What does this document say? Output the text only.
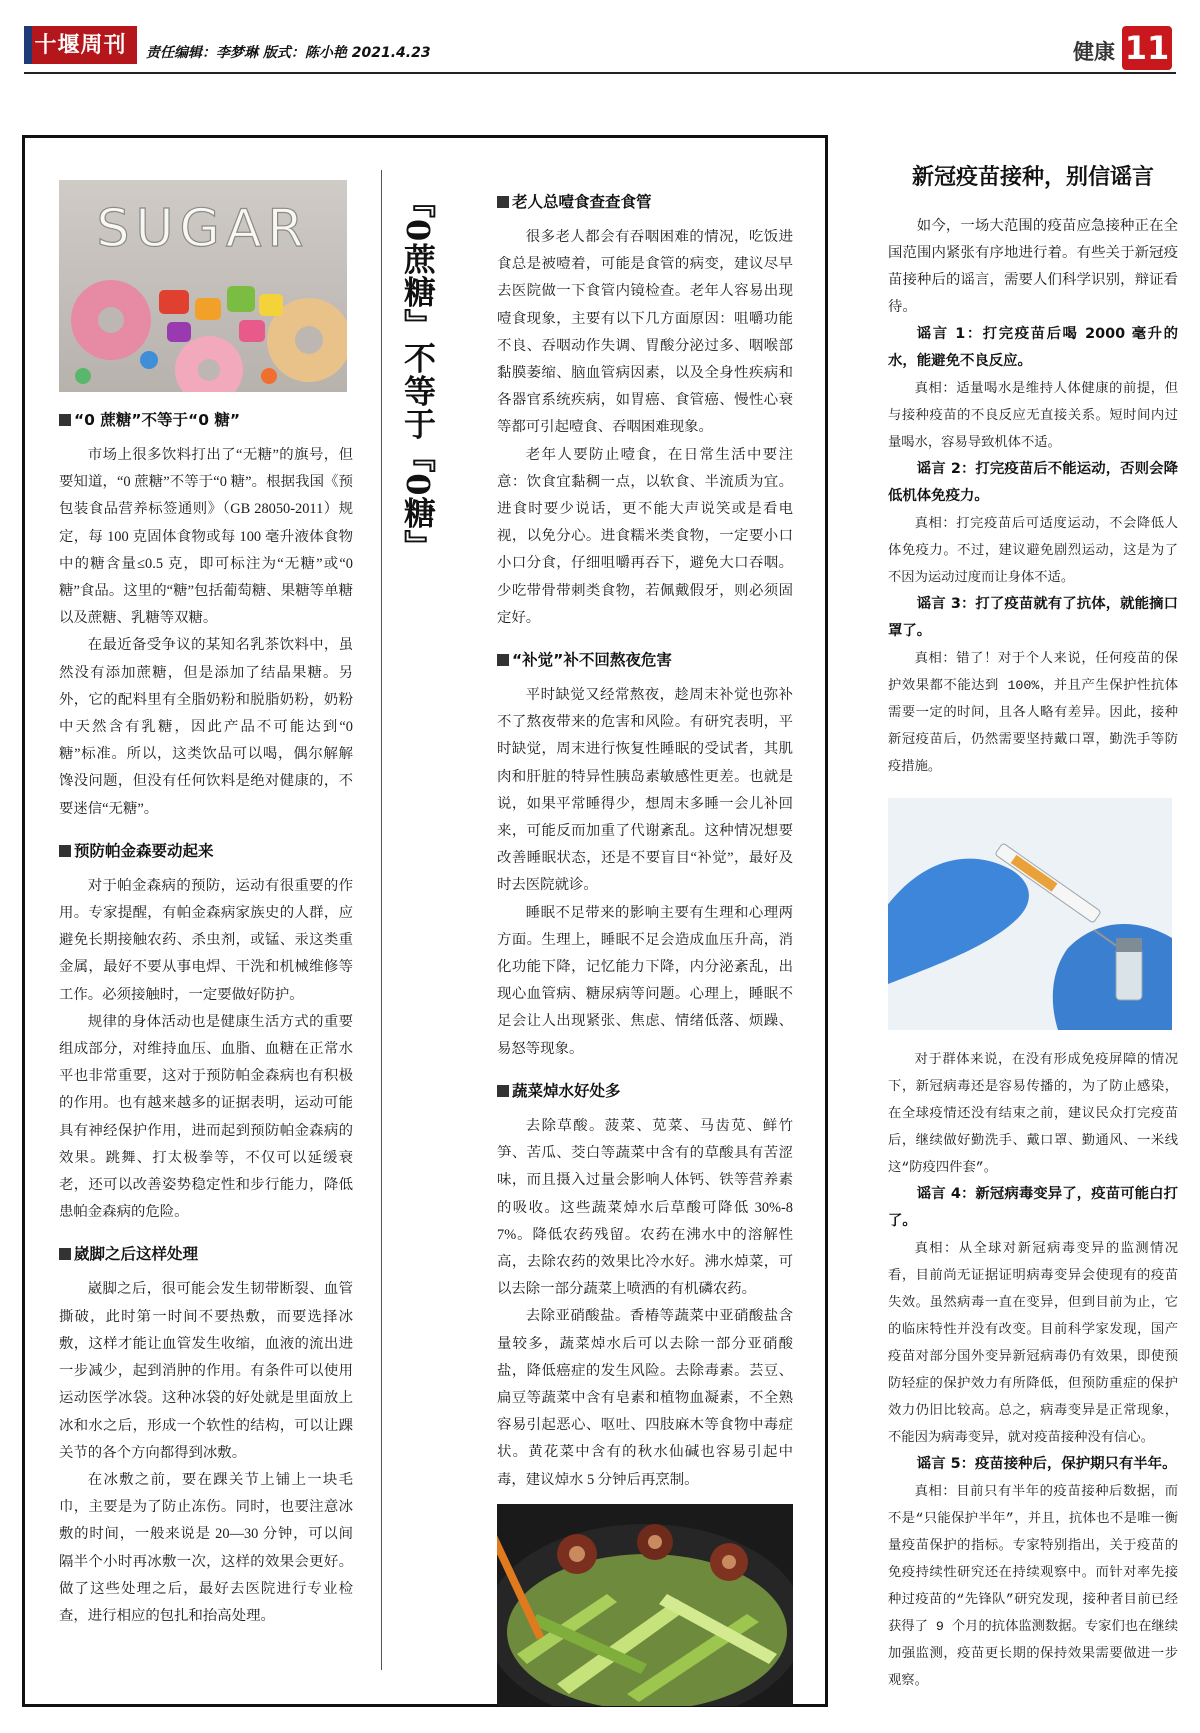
十堰周刊	责任编辑：李梦琳 版式：陈小艳 2021.4.23	健康 11
『0蔗糖』不等于『0糖』
SUGAR
“0 蔗糖”不等于“0 糖”

市场上很多饮料打出了“无糖”的旗号，但要知道，“0 蔗糖”不等于“0 糖”。根据我国《预包装食品营养标签通则》（GB 28050-2011）规定，每 100 克固体食物或每 100 毫升液体食物中的糖含量≤0.5 克，即可标注为“无糖”或“0 糖”食品。这里的“糖”包括葡萄糖、果糖等单糖以及蔗糖、乳糖等双糖。

在最近备受争议的某知名乳茶饮料中，虽然没有添加蔗糖，但是添加了结晶果糖。另外，它的配料里有全脂奶粉和脱脂奶粉，奶粉中天然含有乳糖，因此产品不可能达到“0 糖”标准。所以，这类饮品可以喝，偶尔解解馋没问题，但没有任何饮料是绝对健康的，不要迷信“无糖”。

预防帕金森要动起来

对于帕金森病的预防，运动有很重要的作用。专家提醒，有帕金森病家族史的人群，应避免长期接触农药、杀虫剂，或锰、汞这类重金属，最好不要从事电焊、干洗和机械维修等工作。必须接触时，一定要做好防护。

规律的身体活动也是健康生活方式的重要组成部分，对维持血压、血脂、血糖在正常水平也非常重要，这对于预防帕金森病也有积极的作用。也有越来越多的证据表明，运动可能具有神经保护作用，进而起到预防帕金森病的效果。跳舞、打太极拳等，不仅可以延缓衰老，还可以改善姿势稳定性和步行能力，降低患帕金森病的危险。

崴脚之后这样处理

崴脚之后，很可能会发生韧带断裂、血管撕破，此时第一时间不要热敷，而要选择冰敷，这样才能让血管发生收缩，血液的流出进一步减少，起到消肿的作用。有条件可以使用运动医学冰袋。这种冰袋的好处就是里面放上冰和水之后，形成一个软性的结构，可以让踝关节的各个方向都得到冰敷。

在冰敷之前，要在踝关节上铺上一块毛巾，主要是为了防止冻伤。同时，也要注意冰敷的时间，一般来说是 20—30 分钟，可以间隔半个小时再冰敷一次，这样的效果会更好。做了这些处理之后，最好去医院进行专业检查，进行相应的包扎和抬高处理。

老人总噎食查查食管

很多老人都会有吞咽困难的情况，吃饭进食总是被噎着，可能是食管的病变，建议尽早去医院做一下食管内镜检查。老年人容易出现噎食现象，主要有以下几方面原因：咀嚼功能不良、吞咽动作失调、胃酸分泌过多、咽喉部黏膜萎缩、脑血管病因素，以及全身性疾病和各器官系统疾病，如胃癌、食管癌、慢性心衰等都可引起噎食、吞咽困难现象。

老年人要防止噎食，在日常生活中要注意：饮食宜黏稠一点，以软食、半流质为宜。进食时要少说话，更不能大声说笑或是看电视，以免分心。进食糯米类食物，一定要小口小口分食，仔细咀嚼再吞下，避免大口吞咽。少吃带骨带刺类食物，若佩戴假牙，则必须固定好。

“补觉”补不回熬夜危害

平时缺觉又经常熬夜，趁周末补觉也弥补不了熬夜带来的危害和风险。有研究表明，平时缺觉，周末进行恢复性睡眠的受试者，其肌肉和肝脏的特异性胰岛素敏感性更差。也就是说，如果平常睡得少，想周末多睡一会儿补回来，可能反而加重了代谢紊乱。这种情况想要改善睡眠状态，还是不要盲目“补觉”，最好及时去医院就诊。

睡眠不足带来的影响主要有生理和心理两方面。生理上，睡眠不足会造成血压升高，消化功能下降，记忆能力下降，内分泌紊乱，出现心血管病、糖尿病等问题。心理上，睡眠不足会让人出现紧张、焦虑、情绪低落、烦躁、易怒等现象。

蔬菜焯水好处多

去除草酸。菠菜、苋菜、马齿苋、鲜竹笋、苦瓜、茭白等蔬菜中含有的草酸具有苦涩味，而且摄入过量会影响人体钙、铁等营养素的吸收。这些蔬菜焯水后草酸可降低 30%-87%。降低农药残留。农药在沸水中的溶解性高，去除农药的效果比冷水好。沸水焯菜，可以去除一部分蔬菜上喷洒的有机磷农药。

去除亚硝酸盐。香椿等蔬菜中亚硝酸盐含量较多，蔬菜焯水后可以去除一部分亚硝酸盐，降低癌症的发生风险。去除毒素。芸豆、扁豆等蔬菜中含有皂素和植物血凝素，不全熟容易引起恶心、呕吐、四肢麻木等食物中毒症状。黄花菜中含有的秋水仙碱也容易引起中毒，建议焯水 5 分钟后再烹制。

新冠疫苗接种，别信谣言

如今，一场大范围的疫苗应急接种正在全国范围内紧张有序地进行着。有些关于新冠疫苗接种后的谣言，需要人们科学识别，辩证看待。

谣言 1：打完疫苗后喝 2000 毫升的水，能避免不良反应。

真相：适量喝水是维持人体健康的前提，但与接种疫苗的不良反应无直接关系。短时间内过量喝水，容易导致机体不适。

谣言 2：打完疫苗后不能运动，否则会降低机体免疫力。

真相：打完疫苗后可适度运动，不会降低人体免疫力。不过，建议避免剧烈运动，这是为了不因为运动过度而让身体不适。

谣言 3：打了疫苗就有了抗体，就能摘口罩了。

真相：错了！对于个人来说，任何疫苗的保护效果都不能达到 100%，并且产生保护性抗体需要一定的时间，且各人略有差异。因此，接种新冠疫苗后，仍然需要坚持戴口罩，勤洗手等防疫措施。

对于群体来说，在没有形成免疫屏障的情况下，新冠病毒还是容易传播的，为了防止感染，在全球疫情还没有结束之前，建议民众打完疫苗后，继续做好勤洗手、戴口罩、勤通风、一米线这“防疫四件套”。

谣言 4：新冠病毒变异了，疫苗可能白打了。

真相：从全球对新冠病毒变异的监测情况看，目前尚无证据证明病毒变异会使现有的疫苗失效。虽然病毒一直在变异，但到目前为止，它的临床特性并没有改变。目前科学家发现，国产疫苗对部分国外变异新冠病毒仍有效果，即使预防轻症的保护效力有所降低，但预防重症的保护效力仍旧比较高。总之，病毒变异是正常现象，不能因为病毒变异，就对疫苗接种没有信心。

谣言 5：疫苗接种后，保护期只有半年。

真相：目前只有半年的疫苗接种后数据，而不是“只能保护半年”，并且，抗体也不是唯一衡量疫苗保护的指标。专家特别指出，关于疫苗的免疫持续性研究还在持续观察中。而针对率先接种过疫苗的“先锋队”研究发现，接种者目前已经获得了 9 个月的抗体监测数据。专家们也在继续加强监测，疫苗更长期的保持效果需要做进一步观察。
